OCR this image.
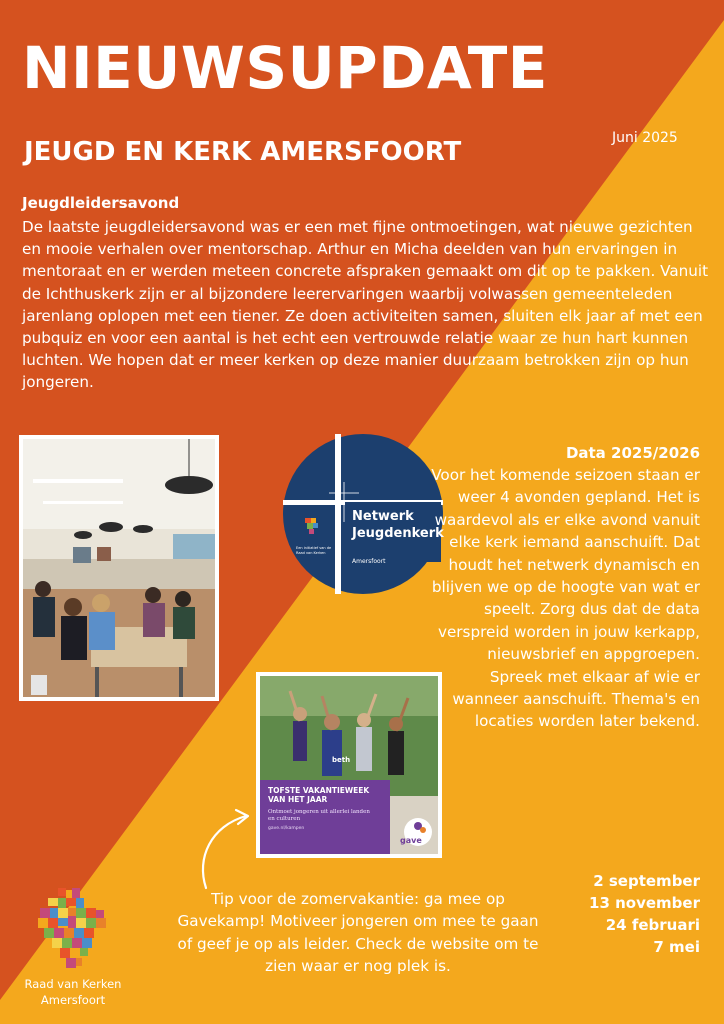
NIEUWSUPDATE
JEUGD EN KERK AMERSFOORT	Juni 2025
Jeugdleidersavond

De laatste jeugdleidersavond was er een met fijne ontmoetingen, wat nieuwe gezichten en mooie verhalen over mentorschap. Arthur en Micha deelden van hun ervaringen in mentoraat en er werden meteen concrete afspraken gemaakt om dit op te pakken. Vanuit de Ichthuskerk zijn er al bijzondere leerervaringen waarbij volwassen gemeenteleden jarenlang oplopen met een tiener. Ze doen activiteiten samen, sluiten elk jaar af met een pubquiz en voor een aantal is het echt een vertrouwde relatie waar ze hun hart kunnen luchten. We hopen dat er meer kerken op deze manier duurzaam betrokken zijn op hun jongeren.

Netwerk
Jeugdenkerk
Amersfoort
Een initiatief van de Raad van Kerken
Data 2025/2026

Voor het komende seizoen staan er weer 4 avonden gepland. Het is waardevol als er elke avond vanuit elke kerk iemand aanschuift. Dat houdt het netwerk dynamisch en blijven we op de hoogte van wat er speelt. Zorg dus dat de data verspreid worden in jouw kerkapp, nieuwsbrief en appgroepen. Spreek met elkaar af wie er wanneer aanschuift. Thema's en locaties worden later bekend.

TOFSTE VAKANTIEWEEK VAN HET JAAR
Ontmoet jongeren uit allerlei landen en culturen
gave.nl/kampen
beth
gave

Tip voor de zomervakantie: ga mee op Gavekamp! Motiveer jongeren om mee te gaan of geef je op als leider. Check de website om te zien waar er nog plek is.

2 september
13 november
24 februari
7 mei
Raad van Kerken
Amersfoort
